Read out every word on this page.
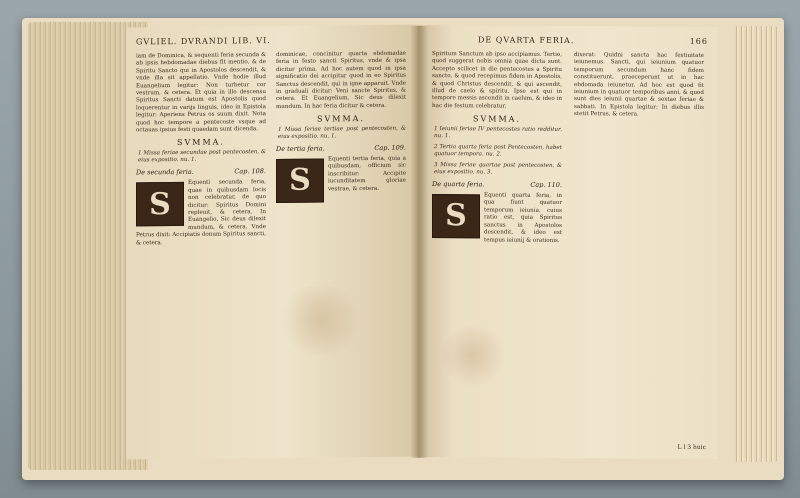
GVLIEL. DVRANDI LIB. VI.

iam de Dominica, & sequenti feria secunda & ab ipsis hebdomadae diebus fit mentio, & de Spiritu Sancto qui in Apostolos descendit, & vnde illa sit appellatio. Vnde hodie illud Euangelium legitur: Non turbetur cor vestrum, & cetera. Et quia in illo descensu Spiritus Sancti datum est Apostolis quod loquerentur in varijs linguis, ideo in Epistola legitur: Aperiens Petrus os suum dixit. Nota quod hoc tempore a pentecoste vsque ad octauas ipsius festi quaedam sunt dicenda.

SVMMA.
1 Missa feriae secundae post pentecosten, & eius expositio. nu. 1.
De secunda feria.	Cap. 108.
S

Equenti secunda feria, quae in quibusdam locis non celebratur, de quo dicitur: Spiritus Domini repleuit, & cetera. In Euangelio, Sic deus dilexit mundum, & cetera. Vnde Petrus dixit: Accipiatis donum Spiritus sancti, & cetera.

dominicae, concinitur quarta ebdomadae feria in festo sancti Spiritus, vnde & ipsa dicitur prima. Ad hoc autem quod in ipsa significatio dei accipitur quod in eo Spiritus Sanctus descendit, qui in igne apparuit. Vnde in graduali dicitur: Veni sancte Spiritus, & cetera. Et Euangelium, Sic deus dilexit mundum. In hac feria dicitur & cetera.

SVMMA.
1 Missa feriae tertiae post pentecosten, & eius expositio. nu. 1.
De tertia feria.	Cap. 109.
S

Equenti tertia feria, quia a quibusdam, officium sic inscribitur: Accipite iucunditatem gloriae vestrae, & cetera.

DE QVARTA FERIA.	166

Spiritum Sanctum ab ipso accipiamus. Tertio, quod suggerat nobis omnia quae dicta sunt. Accepto scilicet in die pentecostes a Spiritu sancto, & quod recepimus fidem in Apostolis, & quod Christus descendit, & qui ascendit, illud de caelo & spiritu. Ipse est qui in tempore messis ascendit in caelum, & ideo in hac die festum celebratur.

SVMMA.
1 Ieiunii feriae IV pentecostes ratio redditur. nu. 1.
2 Tertia quarta feria post Pentecosten, habet quatuor tempora. nu. 2.
3 Missa feriae quartae post pentecosten, & eius expositio. nu. 3.
De quarta feria.	Cap. 110.
S

Equenti quarta feria, in qua fiunt quatuor temporum ieiunia, cuius ratio est, quia Spiritus sanctus in Apostolos descendit, & ideo est tempus ieiunij & orationis.

dixerat: Quidni sancta hac festiuitate ieiunemus. Sancti, qui ieiunium quatuor temporum secundum hanc fidem constituerunt, praeceperunt ut in hac ebdomada ieiunetur. Ad hoc est quod fit ieiunium in quatuor temporibus anni, & quod sunt dies ieiunii quartae & sextae feriae & sabbati. In Epistola legitur: In diebus illis stetit Petrus, & cetera.

L l 3 huic
